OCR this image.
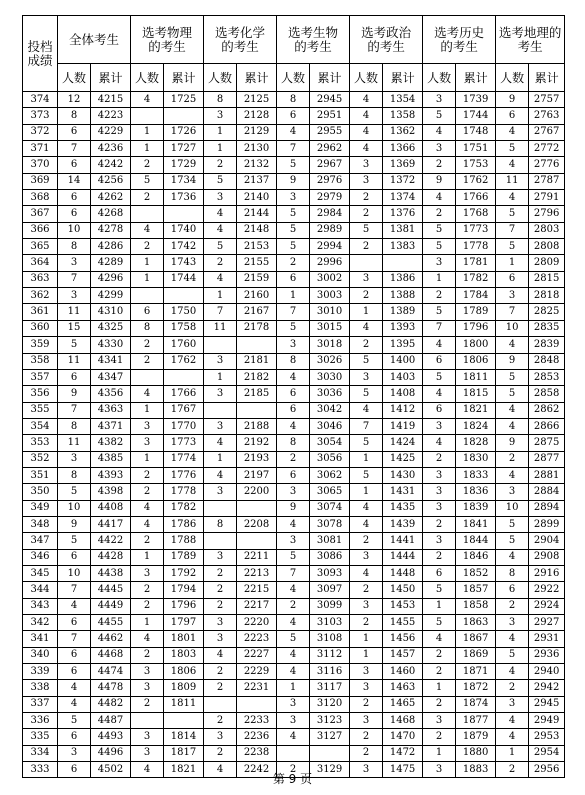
投档
成绩	全体考生		选考物理
的考生		选考化学
的考生		选考生物
的考生		选考政治
的考生		选考历史
的考生		选考地理的
考生	
	人数	累计	人数	累计	人数	累计	人数	累计	人数	累计	人数	累计	人数	累计
374	12	4215	4	1725	8	2125	8	2945	4	1354	3	1739	9	2757
373	8	4223			3	2128	6	2951	4	1358	5	1744	6	2763
372	6	4229	1	1726	1	2129	4	2955	4	1362	4	1748	4	2767
371	7	4236	1	1727	1	2130	7	2962	4	1366	3	1751	5	2772
370	6	4242	2	1729	2	2132	5	2967	3	1369	2	1753	4	2776
369	14	4256	5	1734	5	2137	9	2976	3	1372	9	1762	11	2787
368	6	4262	2	1736	3	2140	3	2979	2	1374	4	1766	4	2791
367	6	4268			4	2144	5	2984	2	1376	2	1768	5	2796
366	10	4278	4	1740	4	2148	5	2989	5	1381	5	1773	7	2803
365	8	4286	2	1742	5	2153	5	2994	2	1383	5	1778	5	2808
364	3	4289	1	1743	2	2155	2	2996			3	1781	1	2809
363	7	4296	1	1744	4	2159	6	3002	3	1386	1	1782	6	2815
362	3	4299			1	2160	1	3003	2	1388	2	1784	3	2818
361	11	4310	6	1750	7	2167	7	3010	1	1389	5	1789	7	2825
360	15	4325	8	1758	11	2178	5	3015	4	1393	7	1796	10	2835
359	5	4330	2	1760			3	3018	2	1395	4	1800	4	2839
358	11	4341	2	1762	3	2181	8	3026	5	1400	6	1806	9	2848
357	6	4347			1	2182	4	3030	3	1403	5	1811	5	2853
356	9	4356	4	1766	3	2185	6	3036	5	1408	4	1815	5	2858
355	7	4363	1	1767			6	3042	4	1412	6	1821	4	2862
354	8	4371	3	1770	3	2188	4	3046	7	1419	3	1824	4	2866
353	11	4382	3	1773	4	2192	8	3054	5	1424	4	1828	9	2875
352	3	4385	1	1774	1	2193	2	3056	1	1425	2	1830	2	2877
351	8	4393	2	1776	4	2197	6	3062	5	1430	3	1833	4	2881
350	5	4398	2	1778	3	2200	3	3065	1	1431	3	1836	3	2884
349	10	4408	4	1782			9	3074	4	1435	3	1839	10	2894
348	9	4417	4	1786	8	2208	4	3078	4	1439	2	1841	5	2899
347	5	4422	2	1788			3	3081	2	1441	3	1844	5	2904
346	6	4428	1	1789	3	2211	5	3086	3	1444	2	1846	4	2908
345	10	4438	3	1792	2	2213	7	3093	4	1448	6	1852	8	2916
344	7	4445	2	1794	2	2215	4	3097	2	1450	5	1857	6	2922
343	4	4449	2	1796	2	2217	2	3099	3	1453	1	1858	2	2924
342	6	4455	1	1797	3	2220	4	3103	2	1455	5	1863	3	2927
341	7	4462	4	1801	3	2223	5	3108	1	1456	4	1867	4	2931
340	6	4468	2	1803	4	2227	4	3112	1	1457	2	1869	5	2936
339	6	4474	3	1806	2	2229	4	3116	3	1460	2	1871	4	2940
338	4	4478	3	1809	2	2231	1	3117	3	1463	1	1872	2	2942
337	4	4482	2	1811			3	3120	2	1465	2	1874	3	2945
336	5	4487			2	2233	3	3123	3	1468	3	1877	4	2949
335	6	4493	3	1814	3	2236	4	3127	2	1470	2	1879	4	2953
334	3	4496	3	1817	2	2238			2	1472	1	1880	1	2954
333	6	4502	4	1821	4	2242	2	3129	3	1475	3	1883	2	2956
第 9 页
